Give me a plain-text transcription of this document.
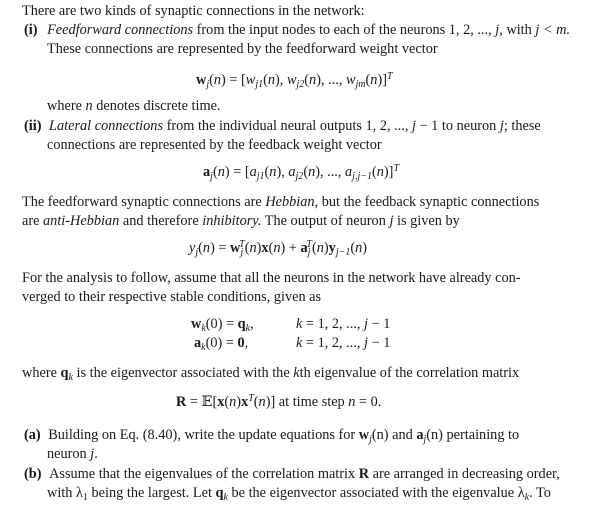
There are two kinds of synaptic connections in the network:
(i) Feedforward connections from the input nodes to each of the neurons 1, 2, ..., j, with j < m.
These connections are represented by the feedforward weight vector
$w_j(n) = [w_{j1}(n)$, $w_{j2}(n)$, ..., $w_{jm}(n)]^T$
where n denotes discrete time.
(ii) Lateral connections from the individual neural outputs 1, 2, ..., j − 1 to neuron j; these
connections are represented by the feedback weight vector
$a_j(n) = [a_{j1}(n)$, $a_{j2}(n)$, ..., $a_{j,j-1}(n)]^T$
The feedforward synaptic connections are Hebbian, but the feedback synaptic connections
are anti-Hebbian and therefore inhibitory. The output of neuron j is given by
$y_j(n) = w_j^T(n)x(n) + a_j^T(n)y_{j-1}(n)$
For the analysis to follow, assume that all the neurons in the network have already con-
verged to their respective stable conditions, given as
$w_k(0) = q_k$,	k = 1, 2, ..., j − 1
$a_k(0) = 0$,	k = 1, 2, ..., j − 1
where $q_k$ is the eigenvector associated with the kth eigenvalue of the correlation matrix
$R = 𝔼[x(n)x^T(n)]$ at time step n = 0.
(a) Building on Eq. (8.40), write the update equations for $w_j(n)$ and $a_j(n)$ pertaining to
neuron j.
(b) Assume that the eigenvalues of the correlation matrix R are arranged in decreasing order,
with $\lambda_1$ being the largest. Let $q_k$ be the eigenvector associated with the eigenvalue $\lambda_k$. To
